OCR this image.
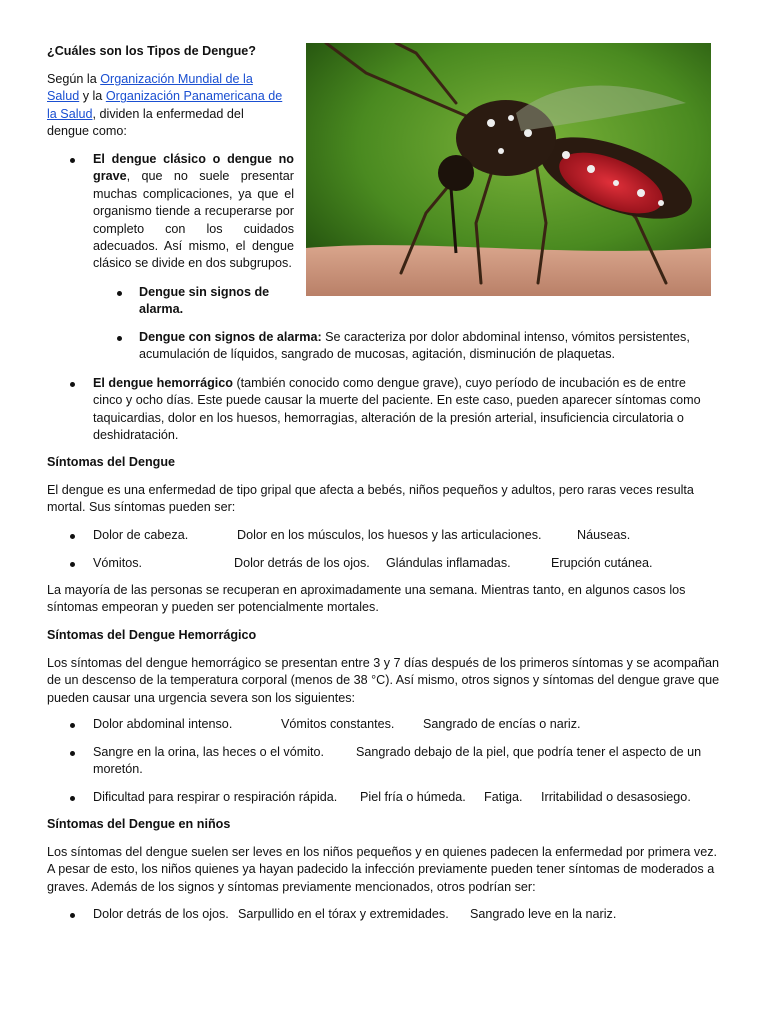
¿Cuáles son los Tipos de Dengue?

Según la Organización Mundial de la Salud y la Organización Panamericana de la Salud, dividen la enfermedad del dengue como:

El dengue clásico o dengue no grave, que no suele presentar muchas complicaciones, ya que el organismo tiende a recuperarse por completo con los cuidados adecuados. Así mismo, el dengue clásico se divide en dos subgrupos.

Dengue sin signos de alarma.

Dengue con signos de alarma: Se caracteriza por dolor abdominal intenso, vómitos persistentes, acumulación de líquidos, sangrado de mucosas, agitación, disminución de plaquetas.

El dengue hemorrágico (también conocido como dengue grave), cuyo período de incubación es de entre cinco y ocho días. Este puede causar la muerte del paciente. En este caso, pueden aparecer síntomas como taquicardias, dolor en los huesos, hemorragias, alteración de la presión arterial, insuficiencia circulatoria o deshidratación.

Síntomas del Dengue

El dengue es una enfermedad de tipo gripal que afecta a bebés, niños pequeños y adultos, pero raras veces resulta mortal. Sus síntomas pueden ser:

Dolor de cabeza.	Dolor en los músculos, los huesos y las articulaciones.	Náuseas.
Vómitos.	Dolor detrás de los ojos. Glándulas inflamadas.	Erupción cutánea.

La mayoría de las personas se recuperan en aproximadamente una semana. Mientras tanto, en algunos casos los síntomas empeoran y pueden ser potencialmente mortales.

Síntomas del Dengue Hemorrágico

Los síntomas del dengue hemorrágico se presentan entre 3 y 7 días después de los primeros síntomas y se acompañan de un descenso de la temperatura corporal (menos de 38 °C). Así mismo, otros signos y síntomas del dengue grave que pueden causar una urgencia severa son los siguientes:

Dolor abdominal intenso.	Vómitos constantes. Sangrado de encías o nariz.
Sangre en la orina, las heces o el vómito.	Sangrado debajo de la piel, que podría tener el aspecto de un
moretón.
Dificultad para respirar o respiración rápida. Piel fría o húmeda. Fatiga. Irritabilidad o desasosiego.

Síntomas del Dengue en niños

Los síntomas del dengue suelen ser leves en los niños pequeños y en quienes padecen la enfermedad por primera vez. A pesar de esto, los niños quienes ya hayan padecido la infección previamente pueden tener síntomas de moderados a graves. Además de los signos y síntomas previamente mencionados, otros podrían ser:

Dolor detrás de los ojos. Sarpullido en el tórax y extremidades. Sangrado leve en la nariz.
